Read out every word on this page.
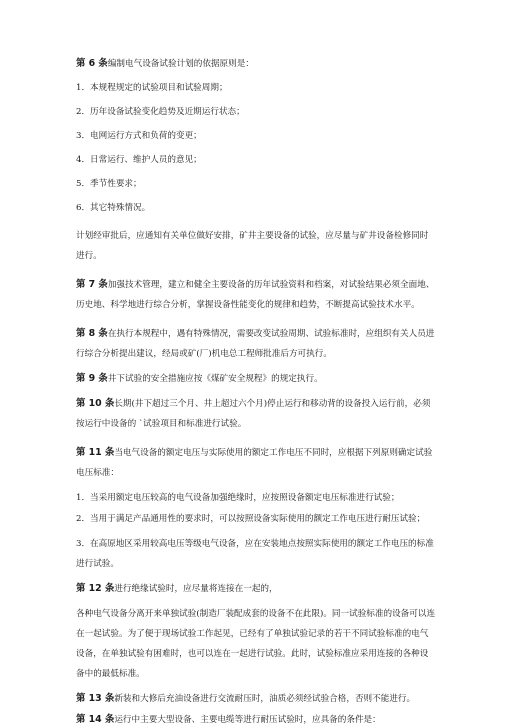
第 6 条编制电气设备试验计划的依据原则是：

1．本规程规定的试验项目和试验周期；

2．历年设备试验变化趋势及近期运行状态；

3．电网运行方式和负荷的变更；

4．日常运行、维护人员的意见；

5．季节性要求；

6．其它特殊情况。

计划经审批后，应通知有关单位做好安排，矿井主要设备的试验，应尽量与矿井设备检修同时进行。

第 7 条加强技术管理，建立和健全主要设备的历年试验资料和档案，对试验结果必须全面地、历史地、科学地进行综合分析，掌握设备性能变化的规律和趋势，不断提高试验技术水平。

第 8 条在执行本规程中，遇有特殊情况，需要改变试验周期、试验标准时，应组织有关人员进行综合分析提出建议，经局或矿(厂)机电总工程师批准后方可执行。

第 9 条井下试验的安全措施应按《煤矿安全规程》的规定执行。

第 10 条长期(井下超过三个月、井上超过六个月)停止运行和移动背的设备投入运行前，必须按运行中设备的 `试验项目和标准进行试验。

第 11 条当电气设备的额定电压与实际使用的额定工作电压不同时，应根据下列原则确定试验电压标准：

1．当采用额定电压较高的电气设备加强绝缘时，应按照设备额定电压标准进行试验；

2．当用于满足产品通用性的要求时，可以按照设备实际使用的额定工作电压进行耐压试验；

3．在高原地区采用较高电压等级电气设备，应在安装地点按照实际使用的额定工作电压的标准进行试验。

第 12 条进行绝缘试验时，应尽量将连接在一起的，

各种电气设备分离开来单独试验(制造厂装配成套的设备不在此限)。同一试验标准的设备可以连在一起试验。为了便于现场试验工作起见，已经有了单独试验记录的若干不同试验标准的电气设备，在单独试验有困难时，也可以连在一起进行试验。此时，试验标准应采用连接的各种设备中的最低标准。

第 13 条新装和大修后充油设备进行交流耐压时，油质必须经试验合格，否则不能进行。

第 14 条运行中主要大型设备、主要电缆等进行耐压试验时，应具备的条件是：
